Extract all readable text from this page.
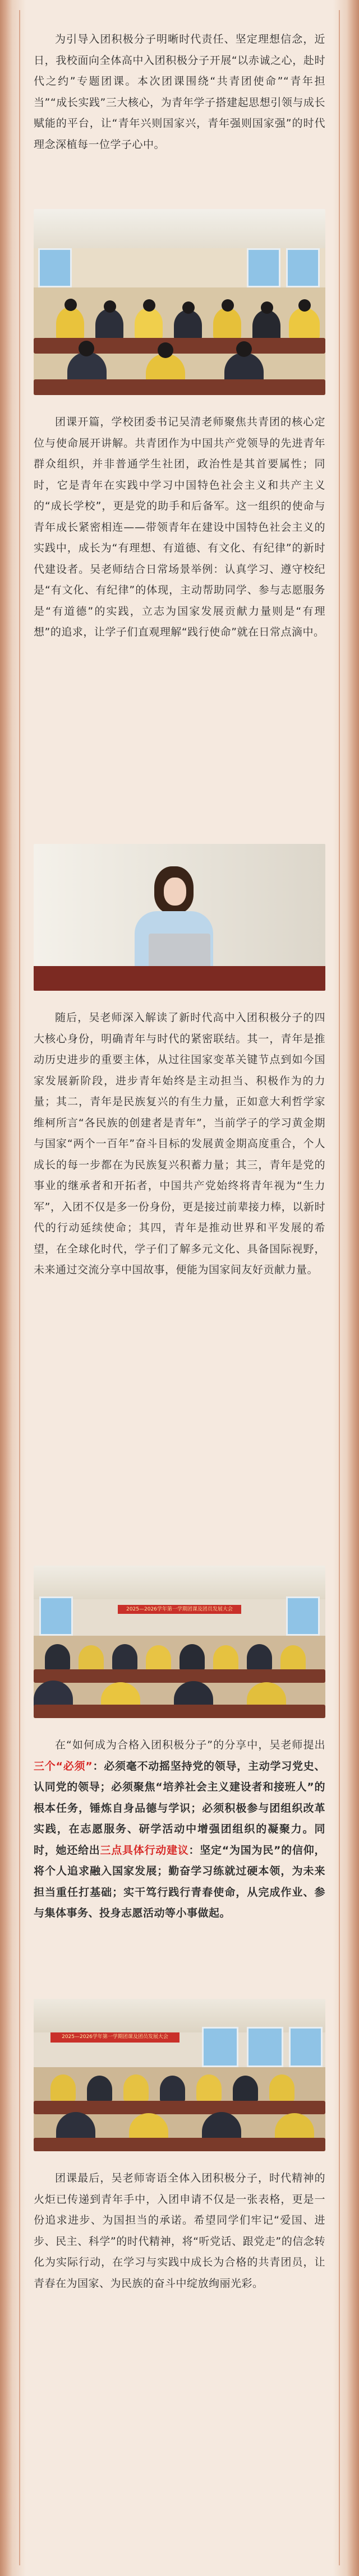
为引导入团积极分子明晰时代责任、坚定理想信念，近日，我校面向全体高中入团积极分子开展“以赤诚之心，赴时代之约”专题团课。本次团课围绕“共青团使命”“青年担当”“成长实践”三大核心，为青年学子搭建起思想引领与成长赋能的平台，让“青年兴则国家兴，青年强则国家强”的时代理念深植每一位学子心中。

团课开篇，学校团委书记吴清老师聚焦共青团的核心定位与使命展开讲解。共青团作为中国共产党领导的先进青年群众组织，并非普通学生社团，政治性是其首要属性；同时，它是青年在实践中学习中国特色社会主义和共产主义的“成长学校”，更是党的助手和后备军。这一组织的使命与青年成长紧密相连——带领青年在建设中国特色社会主义的实践中，成长为“有理想、有道德、有文化、有纪律”的新时代建设者。吴老师结合日常场景举例：认真学习、遵守校纪是“有文化、有纪律”的体现，主动帮助同学、参与志愿服务是“有道德”的实践，立志为国家发展贡献力量则是“有理想”的追求，让学子们直观理解“践行使命”就在日常点滴中。

随后，吴老师深入解读了新时代高中入团积极分子的四大核心身份，明确青年与时代的紧密联结。其一，青年是推动历史进步的重要主体，从过往国家变革关键节点到如今国家发展新阶段，进步青年始终是主动担当、积极作为的力量；其二，青年是民族复兴的有生力量，正如意大利哲学家维柯所言“各民族的创建者是青年”，当前学子的学习黄金期与国家“两个一百年”奋斗目标的发展黄金期高度重合，个人成长的每一步都在为民族复兴积蓄力量；其三，青年是党的事业的继承者和开拓者，中国共产党始终将青年视为“生力军”，入团不仅是多一份身份，更是接过前辈接力棒，以新时代的行动延续使命；其四，青年是推动世界和平发展的希望，在全球化时代，学子们了解多元文化、具备国际视野，未来通过交流分享中国故事，便能为国家间友好贡献力量。

2025—2026学年第一学期团课及团员发展大会

在“如何成为合格入团积极分子”的分享中，吴老师提出三个“必须”：必须毫不动摇坚持党的领导，主动学习党史、认同党的领导；必须聚焦“培养社会主义建设者和接班人”的根本任务，锤炼自身品德与学识；必须积极参与团组织改革实践，在志愿服务、研学活动中增强团组织的凝聚力。同时，她还给出三点具体行动建议：坚定“为国为民”的信仰，将个人追求融入国家发展；勤奋学习练就过硬本领，为未来担当重任打基础；实干笃行践行青春使命，从完成作业、参与集体事务、投身志愿活动等小事做起。

2025—2026学年第一学期团课及团员发展大会

团课最后，吴老师寄语全体入团积极分子，时代精神的火炬已传递到青年手中，入团申请不仅是一张表格，更是一份追求进步、为国担当的承诺。希望同学们牢记“爱国、进步、民主、科学”的时代精神，将“听党话、跟党走”的信念转化为实际行动，在学习与实践中成长为合格的共青团员，让青春在为国家、为民族的奋斗中绽放绚丽光彩。
